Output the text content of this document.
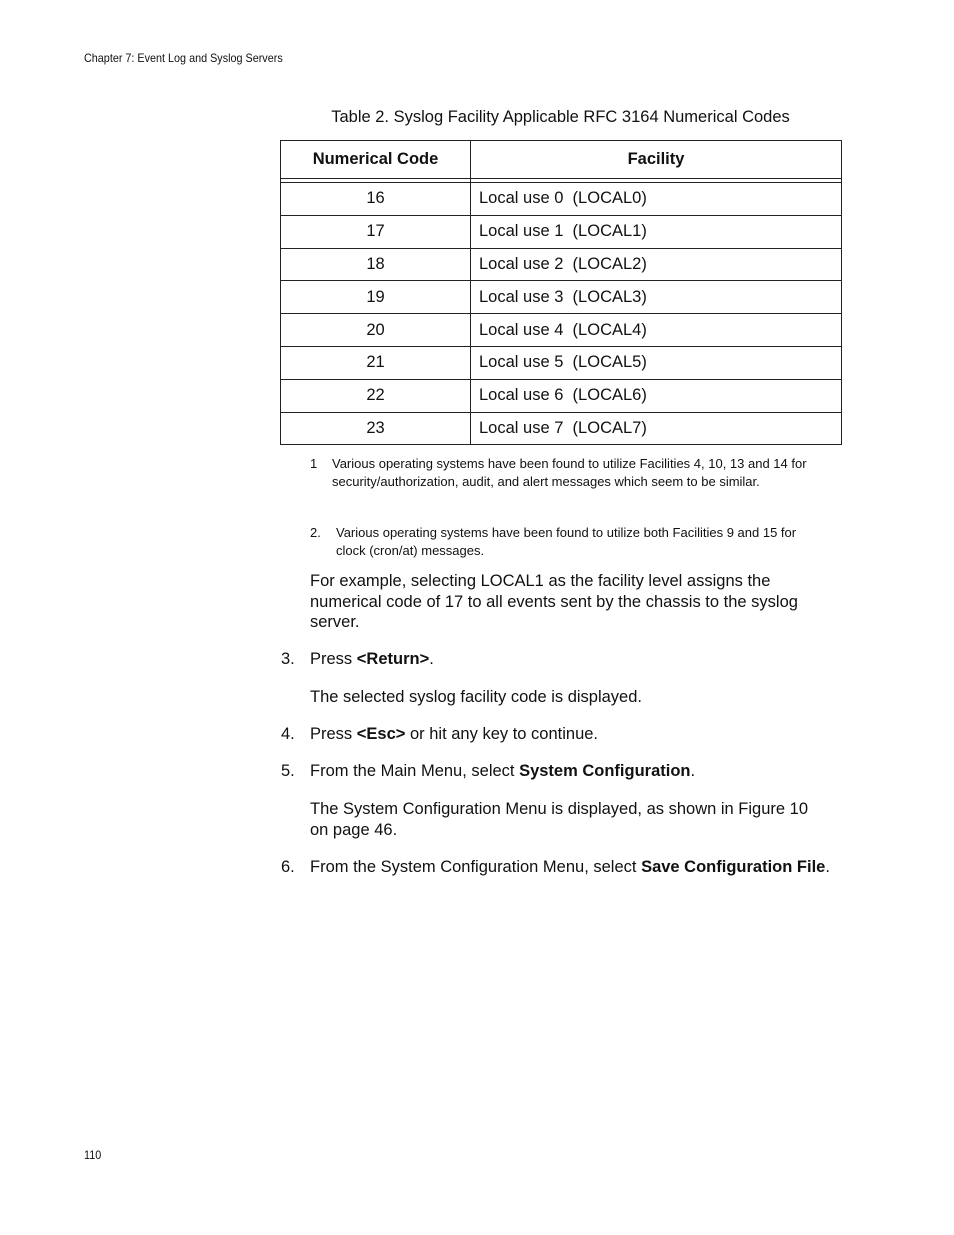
Chapter 7: Event Log and Syslog Servers
Table 2. Syslog Facility Applicable RFC 3164 Numerical Codes
Numerical Code	Facility

16	Local use 0  (LOCAL0)
17	Local use 1  (LOCAL1)
18	Local use 2  (LOCAL2)
19	Local use 3  (LOCAL3)
20	Local use 4  (LOCAL4)
21	Local use 5  (LOCAL5)
22	Local use 6  (LOCAL6)
23	Local use 7  (LOCAL7)
1	Various operating systems have been found to utilize Facilities 4, 10, 13 and 14 for security/authorization, audit, and alert messages which seem to be similar.
2.	Various operating systems have been found to utilize both Facilities 9 and 15 for clock (cron/at) messages.
For example, selecting LOCAL1 as the facility level assigns the numerical code of 17 to all events sent by the chassis to the syslog server.
3. Press <Return>.
The selected syslog facility code is displayed.
4. Press <Esc> or hit any key to continue.
5. From the Main Menu, select System Configuration.
The System Configuration Menu is displayed, as shown in Figure 10 on page 46.
6. From the System Configuration Menu, select Save Configuration File.
110
